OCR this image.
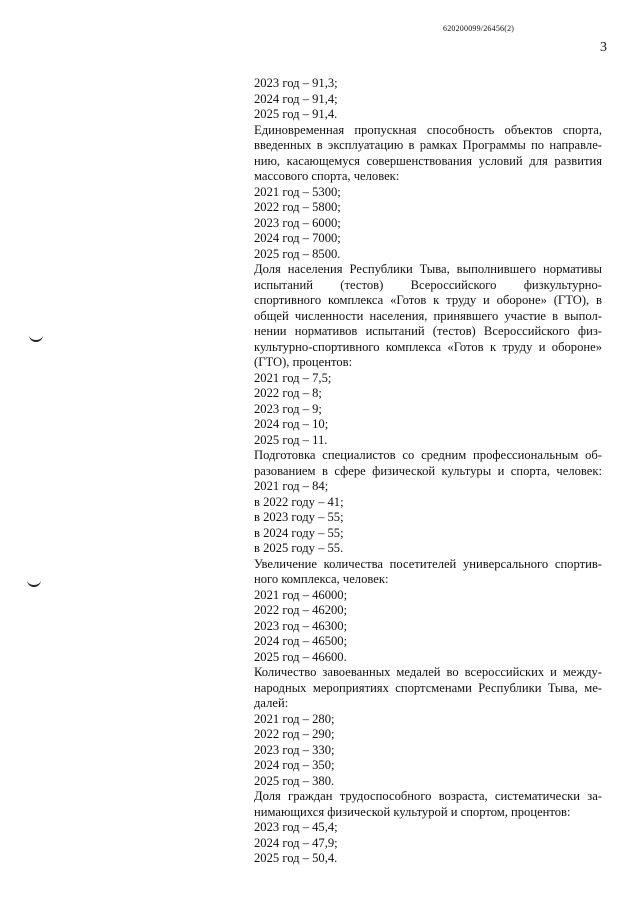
620200099/26456(2)
3
2023 год – 91,3;
2024 год – 91,4;
2025 год – 91,4.
Единовременная пропускная способность объектов спорта,
введенных в эксплуатацию в рамках Программы по направле-
нию, касающемуся совершенствования условий для развития
массового спорта, человек:
2021 год – 5300;
2022 год – 5800;
2023 год – 6000;
2024 год – 7000;
2025 год – 8500.
Доля населения Республики Тыва, выполнившего нормативы
испытаний (тестов) Всероссийского физкультурно-
спортивного комплекса «Готов к труду и обороне» (ГТО), в
общей численности населения, принявшего участие в выпол-
нении нормативов испытаний (тестов) Всероссийского физ-
культурно-спортивного комплекса «Готов к труду и обороне»
(ГТО), процентов:
2021 год – 7,5;
2022 год – 8;
2023 год – 9;
2024 год – 10;
2025 год – 11.
Подготовка специалистов со средним профессиональным об-
разованием в сфере физической культуры и спорта, человек:
2021 год – 84;
в 2022 году – 41;
в 2023 году – 55;
в 2024 году – 55;
в 2025 году – 55.
Увеличение количества посетителей универсального спортив-
ного комплекса, человек:
2021 год – 46000;
2022 год – 46200;
2023 год – 46300;
2024 год – 46500;
2025 год – 46600.
Количество завоеванных медалей во всероссийских и между-
народных мероприятиях спортсменами Республики Тыва, ме-
далей:
2021 год – 280;
2022 год – 290;
2023 год – 330;
2024 год – 350;
2025 год – 380.
Доля граждан трудоспособного возраста, систематически за-
нимающихся физической культурой и спортом, процентов:
2023 год – 45,4;
2024 год – 47,9;
2025 год – 50,4.
